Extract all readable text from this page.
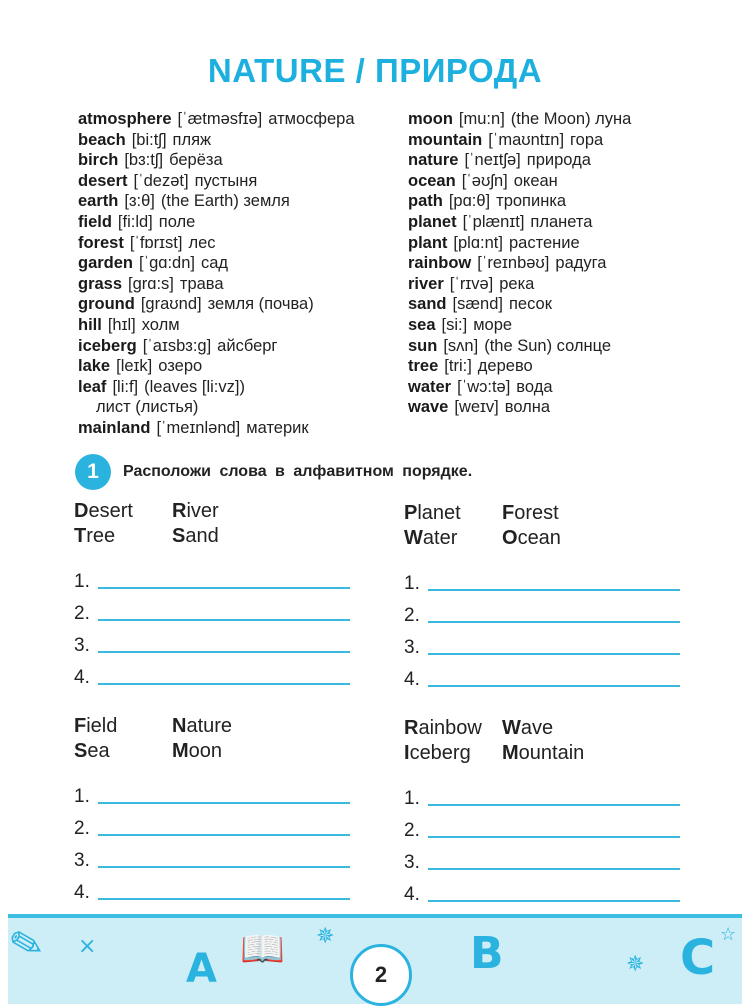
NATURE / ПРИРОДА
atmosphere [ˈætməsfɪə] атмосфера
beach [bi:tʃ] пляж
birch [bɜ:tʃ] берёза
desert [ˈdezət] пустыня
earth [ɜ:θ] (the Earth) земля
field [fi:ld] поле
forest [ˈfɒrɪst] лес
garden [ˈgɑ:dn] сад
grass [grɑ:s] трава
ground [graʊnd] земля (почва)
hill [hɪl] холм
iceberg [ˈaɪsbɜ:g] айсберг
lake [leɪk] озеро
leaf [li:f] (leaves [li:vz])
лист (листья)
mainland [ˈmeɪnlənd] материк
moon [mu:n] (the Moon) луна
mountain [ˈmaʊntɪn] гора
nature [ˈneɪtʃə] природа
ocean [ˈəʊʃn] океан
path [pɑ:θ] тропинка
planet [ˈplænɪt] планета
plant [plɑ:nt] растение
rainbow [ˈreɪnbəʊ] радуга
river [ˈrɪvə] река
sand [sænd] песок
sea [si:] море
sun [sʌn] (the Sun) солнце
tree [tri:] дерево
water [ˈwɔ:tə] вода
wave [weɪv] волна
1	Расположи слова в алфавитном порядке.
Desert	River
Tree	Sand
1.
2.
3.
4.
Planet	Forest
Water	Ocean
1.
2.
3.
4.
Field	Nature
Sea	Moon
1.
2.
3.
4.
Rainbow	Wave
Iceberg	Mountain
1.
2.
3.
4.
✎ × A 📖 ✵
2	B	✵ C ☆
